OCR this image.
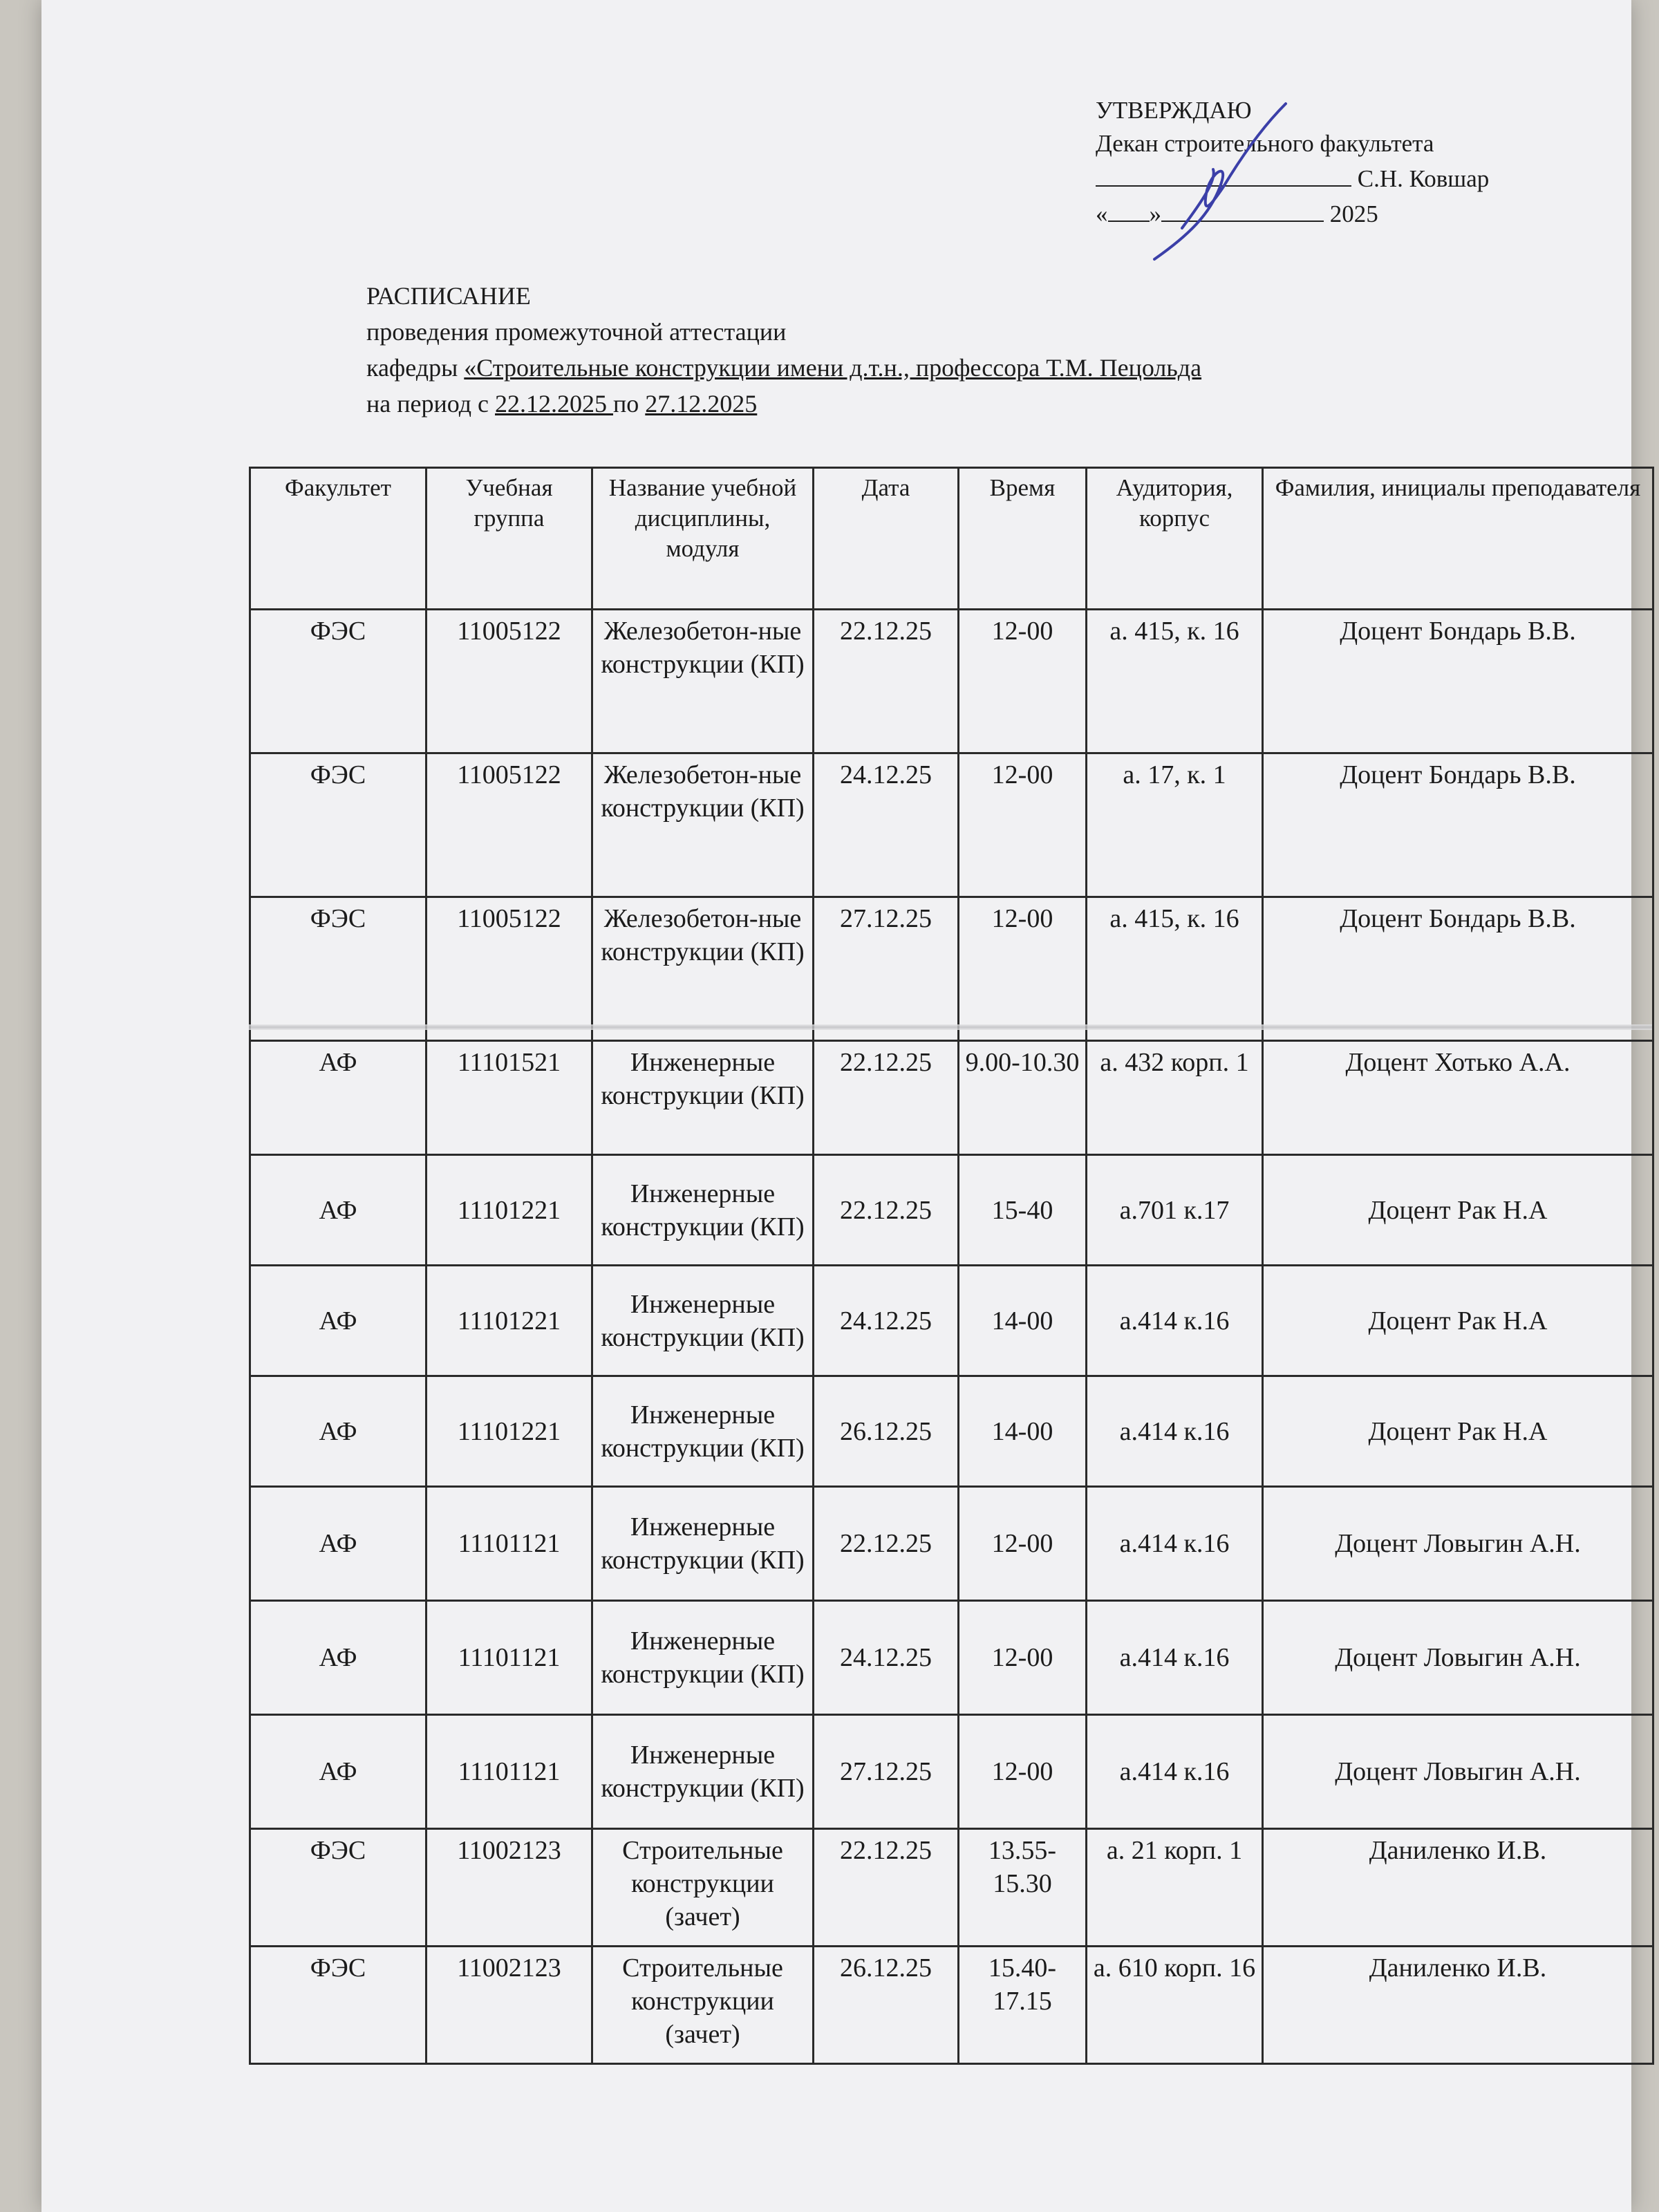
УТВЕРЖДАЮ
Декан строительного факультета
С.Н. Ковшар
« »	2025
РАСПИСАНИЕ
проведения промежуточной аттестации
кафедры «Строительные конструкции имени д.т.н., профессора Т.М. Пецольда
на период с 22.12.2025 по 27.12.2025
Факультет	Учебная группа	Название учебной дисциплины, модуля	Дата	Время	Аудитория, корпус	Фамилия, инициалы преподавателя
ФЭС	11005122	Железобетон-ные конструкции (КП)	22.12.25	12-00	а. 415, к. 16	Доцент Бондарь В.В.
ФЭС	11005122	Железобетон-ные конструкции (КП)	24.12.25	12-00	а. 17, к. 1	Доцент Бондарь В.В.
ФЭС	11005122	Железобетон-ные конструкции (КП)	27.12.25	12-00	а. 415, к. 16	Доцент Бондарь В.В.
АФ	11101521	Инженерные конструкции (КП)	22.12.25	9.00-10.30	а. 432 корп. 1	Доцент Хотько А.А.
АФ	11101221	Инженерные конструкции (КП)	22.12.25	15-40	а.701 к.17	Доцент Рак Н.А
АФ	11101221	Инженерные конструкции (КП)	24.12.25	14-00	а.414 к.16	Доцент Рак Н.А
АФ	11101221	Инженерные конструкции (КП)	26.12.25	14-00	а.414 к.16	Доцент Рак Н.А
АФ	11101121	Инженерные конструкции (КП)	22.12.25	12-00	а.414 к.16	Доцент Ловыгин А.Н.
АФ	11101121	Инженерные конструкции (КП)	24.12.25	12-00	а.414 к.16	Доцент Ловыгин А.Н.
АФ	11101121	Инженерные конструкции (КП)	27.12.25	12-00	а.414 к.16	Доцент Ловыгин А.Н.
ФЭС	11002123	Строительные конструкции (зачет)	22.12.25	13.55-15.30	а. 21 корп. 1	Даниленко И.В.
ФЭС	11002123	Строительные конструкции (зачет)	26.12.25	15.40-17.15	а. 610 корп. 16	Даниленко И.В.
